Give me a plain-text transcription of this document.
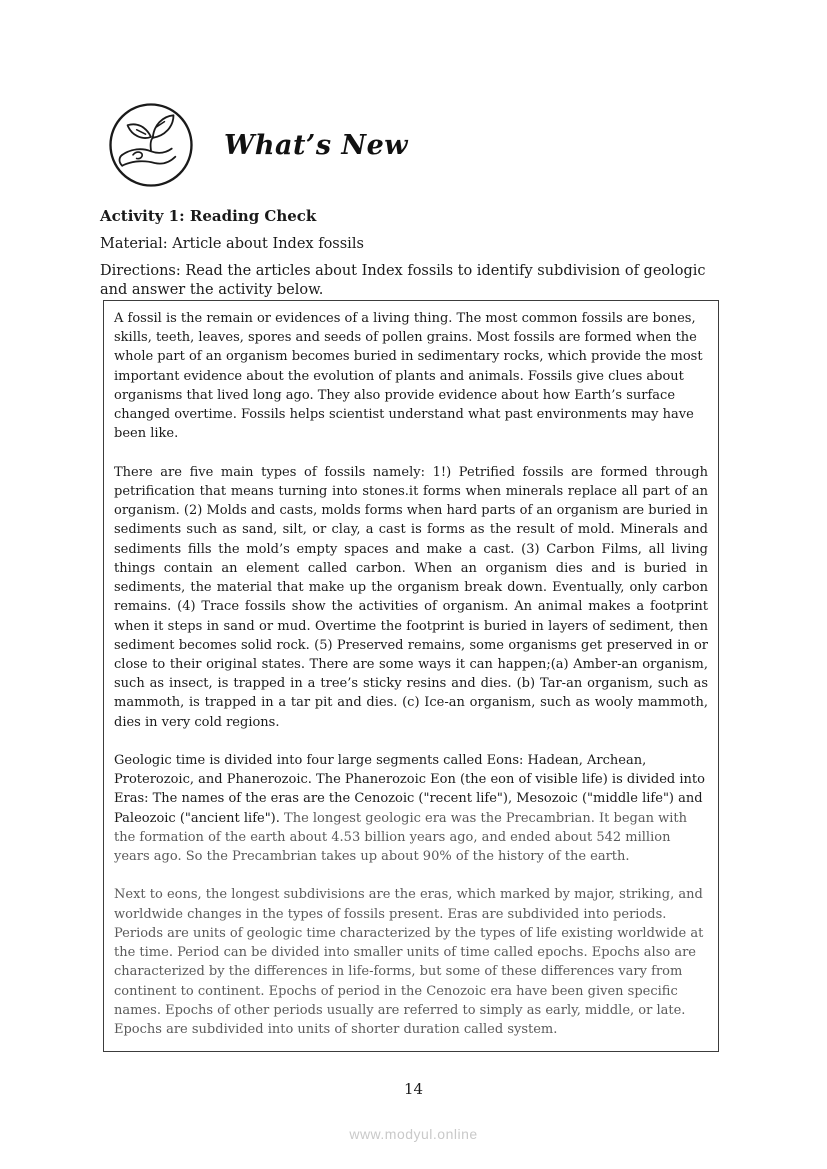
What’s New

Activity 1: Reading Check

Material: Article about Index fossils

Directions: Read the articles about Index fossils to identify subdivision of geologic and answer the activity below.

A fossil is the remain or evidences of a living thing. The most common fossils are bones, skills, teeth, leaves, spores and seeds of pollen grains. Most fossils are formed when the whole part of an organism becomes buried in sedimentary rocks, which provide the most important evidence about the evolution of plants and animals. Fossils give clues about organisms that lived long ago. They also provide evidence about how Earth’s surface changed overtime. Fossils helps scientist understand what past environments may have been like.

There are five main types of fossils namely: 1!) Petrified fossils are formed through petrification that means turning into stones.it forms when minerals replace all part of an organism. (2) Molds and casts, molds forms when hard parts of an organism are buried in sediments such as sand, silt, or clay, a cast is forms as the result of mold. Minerals and sediments fills the mold’s empty spaces and make a cast. (3) Carbon Films, all living things contain an element called carbon. When an organism dies and is buried in sediments, the material that make up the organism break down. Eventually, only carbon remains. (4) Trace fossils show the activities of organism. An animal makes a footprint when it steps in sand or mud. Overtime the footprint is buried in layers of sediment, then sediment becomes solid rock. (5) Preserved remains, some organisms get preserved in or close to their original states. There are some ways it can happen;(a) Amber-an organism, such as insect, is trapped in a tree’s sticky resins and dies. (b) Tar-an organism, such as mammoth, is trapped in a tar pit and dies. (c) Ice-an organism, such as wooly mammoth, dies in very cold regions.

Geologic time is divided into four large segments called Eons: Hadean, Archean, Proterozoic, and Phanerozoic. The Phanerozoic Eon (the eon of visible life) is divided into Eras: The names of the eras are the Cenozoic ("recent life"), Mesozoic ("middle life") and Paleozoic ("ancient life"). The longest geologic era was the Precambrian. It began with the formation of the earth about 4.53 billion years ago, and ended about 542 million years ago. So the Precambrian takes up about 90% of the history of the earth.

Next to eons, the longest subdivisions are the eras, which marked by major, striking, and worldwide changes in the types of fossils present. Eras are subdivided into periods. Periods are units of geologic time characterized by the types of life existing worldwide at the time. Period can be divided into smaller units of time called epochs. Epochs also are characterized by the differences in life-forms, but some of these differences vary from continent to continent. Epochs of period in the Cenozoic era have been given specific names. Epochs of other periods usually are referred to simply as early, middle, or late. Epochs are subdivided into units of shorter duration called system.

14
www.modyul.online
